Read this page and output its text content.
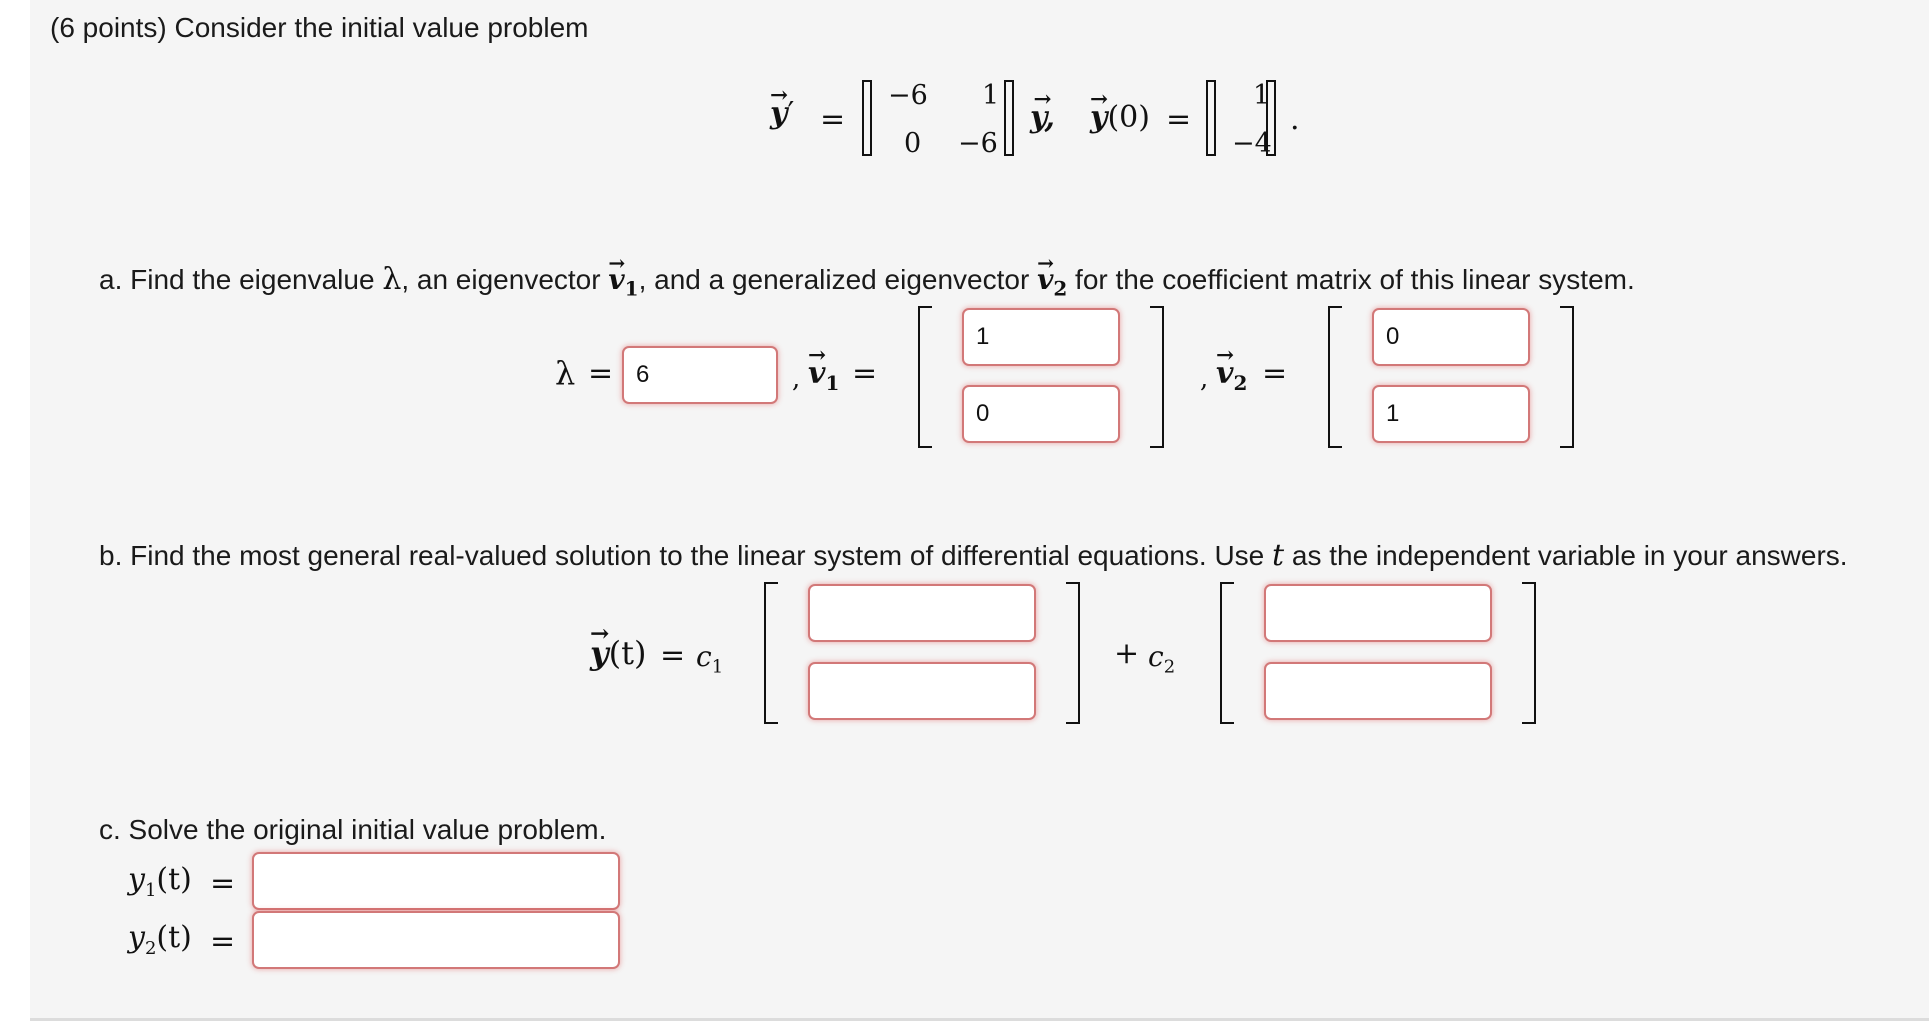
(6 points) Consider the initial value problem
→ y′ =
−6 1
0 −6
→ y, → y(0) =
1
−4
.
a. Find the eigenvalue λ, an eigenvector → $v_1$, and a generalized eigenvector → $v_2$ for the coefficient matrix of this linear system.
λ = 6	, → $v_1$ =
1
0
, → $v_2$ =
0
1
b. Find the most general real-valued solution to the linear system of differential equations. Use t as the independent variable in your answers.
→ $y(t) = c_1$	+ $c_2$
c. Solve the original initial value problem.
$y_1(t)$ =
$y_2(t)$ =
